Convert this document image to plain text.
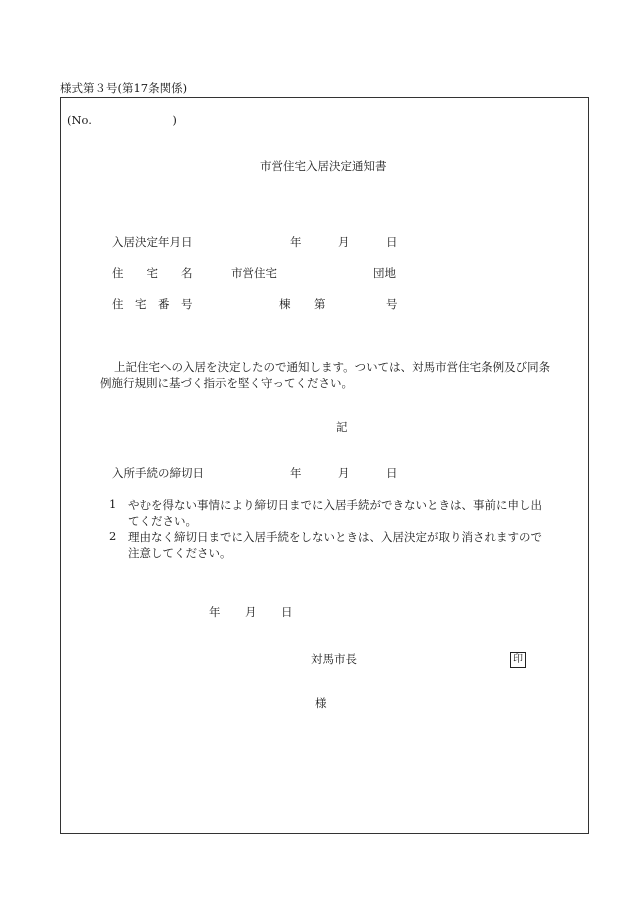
様式第３号(第17条関係)
(No.　　　　　　　)
市営住宅入居決定通知書
入居決定年月日	年	月	日
住　　宅　　名	市営住宅	団地
住　宅　番　号	棟 第	号
上記住宅への入居を決定したので通知します。ついては、対馬市営住宅条例及び同条例施行規則に基づく指示を堅く守ってください。
記
入所手続の締切日	年	月	日
1 やむを得ない事情により締切日までに入居手続ができないときは、事前に申し出てください。
2 理由なく締切日までに入居手続をしないときは、入居決定が取り消されますので注意してください。
年 月 日
対馬市長	印
様
